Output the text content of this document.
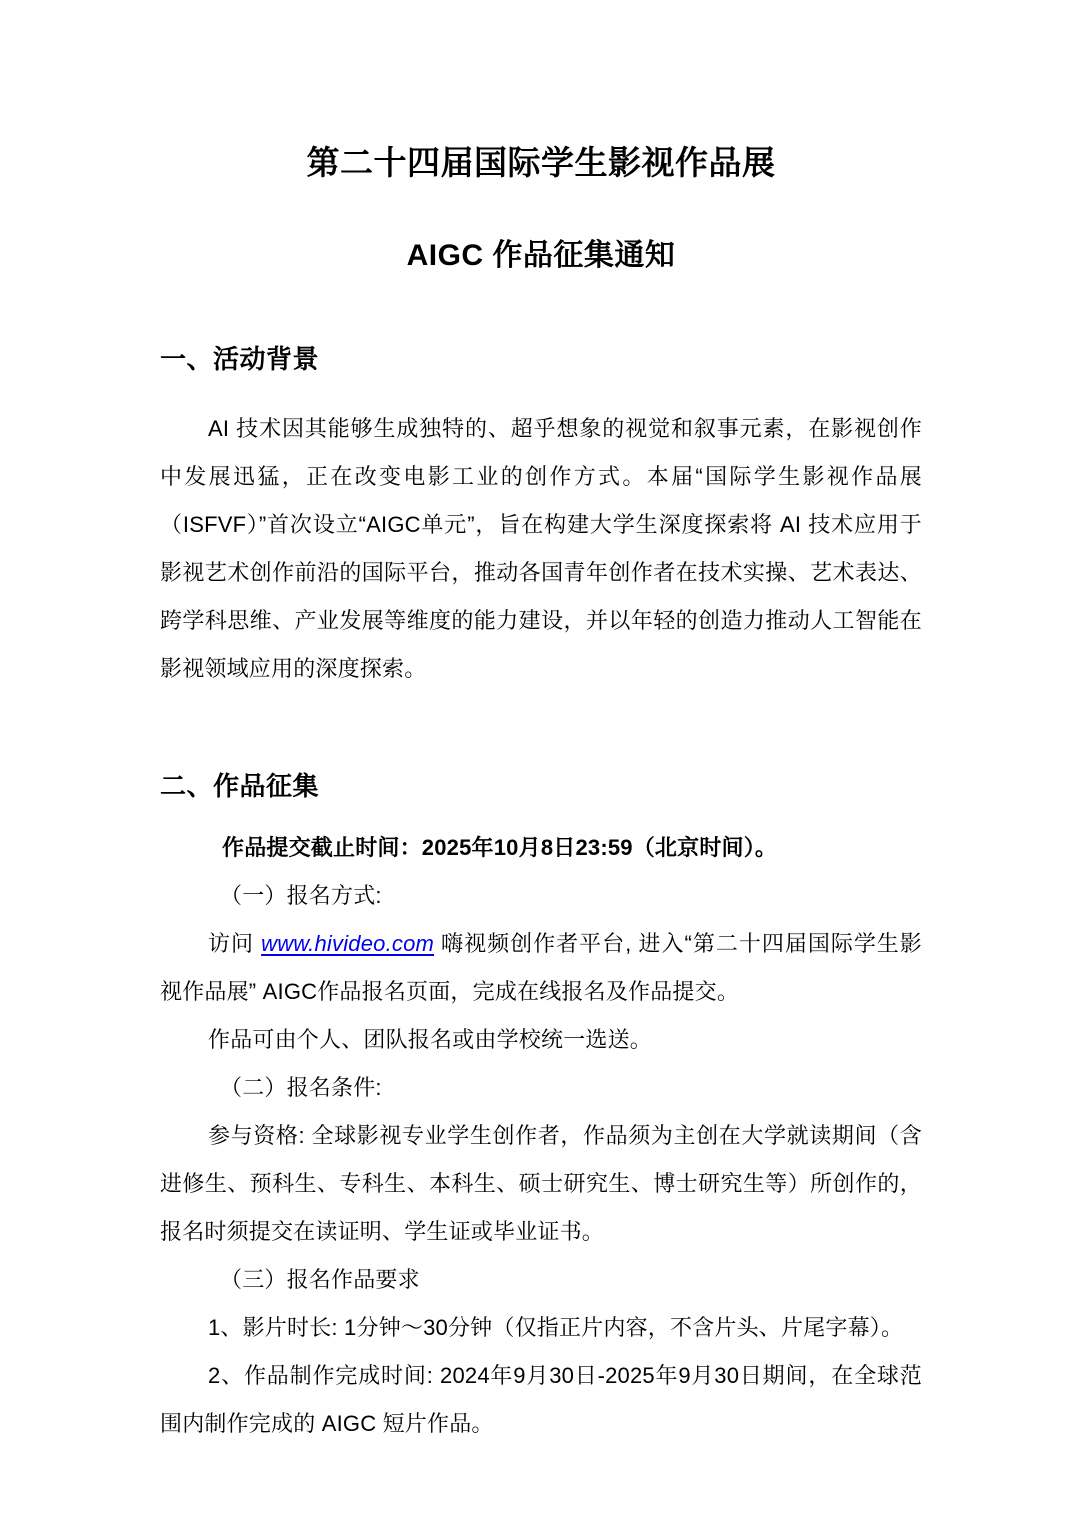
第二十四届国际学生影视作品展
AIGC 作品征集通知
一、活动背景

AI 技术因其能够生成独特的、超乎想象的视觉和叙事元素，在影视创作中发展迅猛，正在改变电影工业的创作方式。本届“国际学生影视作品展（ISFVF）”首次设立“AIGC单元”，旨在构建大学生深度探索将 AI 技术应用于影视艺术创作前沿的国际平台，推动各国青年创作者在技术实操、艺术表达、跨学科思维、产业发展等维度的能力建设，并以年轻的创造力推动人工智能在影视领域应用的深度探索。

二、作品征集

作品提交截止时间：2025年10月8日23:59（北京时间）。

（一）报名方式:

访问 www.hivideo.com 嗨视频创作者平台, 进入“第二十四届国际学生影视作品展” AIGC作品报名页面，完成在线报名及作品提交。

作品可由个人、团队报名或由学校统一选送。

（二）报名条件:

参与资格: 全球影视专业学生创作者，作品须为主创在大学就读期间（含进修生、预科生、专科生、本科生、硕士研究生、博士研究生等）所创作的，报名时须提交在读证明、学生证或毕业证书。

（三）报名作品要求

1、影片时长: 1分钟～30分钟（仅指正片内容，不含片头、片尾字幕）。

2、作品制作完成时间: 2024年9月30日-2025年9月30日期间，在全球范围内制作完成的 AIGC 短片作品。
